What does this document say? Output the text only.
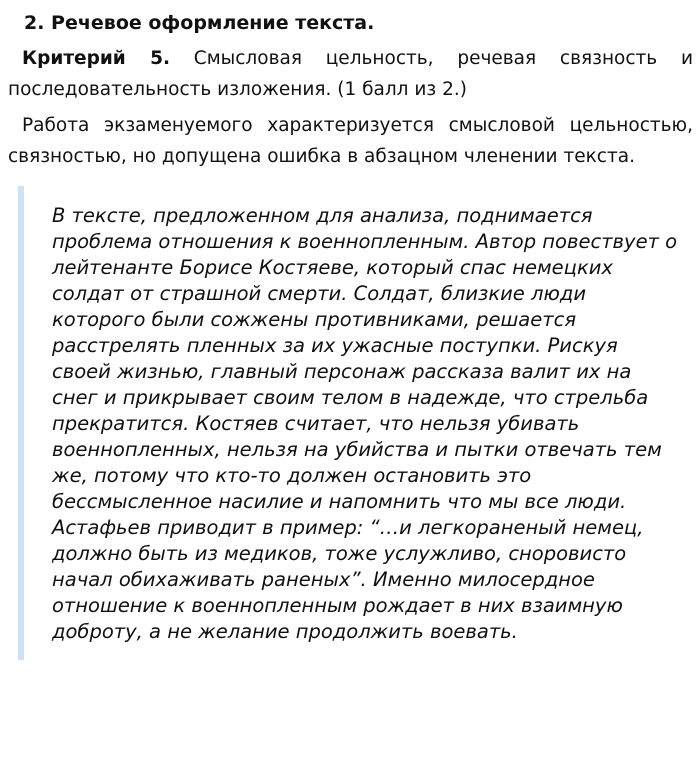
2. Речевое оформление текста.

Критерий 5. Смысловая цельность, речевая связность и последовательность изложения. (1 балл из 2.)

Работа экзаменуемого характеризуется смысловой цельностью, связностью, но допущена ошибка в абзацном членении текста.

В тексте, предложенном для анализа, поднимается проблема отношения к военнопленным. Автор повествует о лейтенанте Борисе Костяеве, который спас немецких солдат от страшной смерти. Солдат, близкие люди которого были сожжены противниками, решается расстрелять пленных за их ужасные поступки. Рискуя своей жизнью, главный персонаж рассказа валит их на снег и прикрывает своим телом в надежде, что стрельба прекратится. Костяев считает, что нельзя убивать военнопленных, нельзя на убийства и пытки отвечать тем же, потому что кто-то должен остановить это бессмысленное насилие и напомнить что мы все люди. Астафьев приводит в пример: “…и легкораненый немец, должно быть из медиков, тоже услужливо, сноровисто начал обихаживать раненых”. Именно милосердное отношение к военнопленным рождает в них взаимную доброту, а не желание продолжить воевать.
